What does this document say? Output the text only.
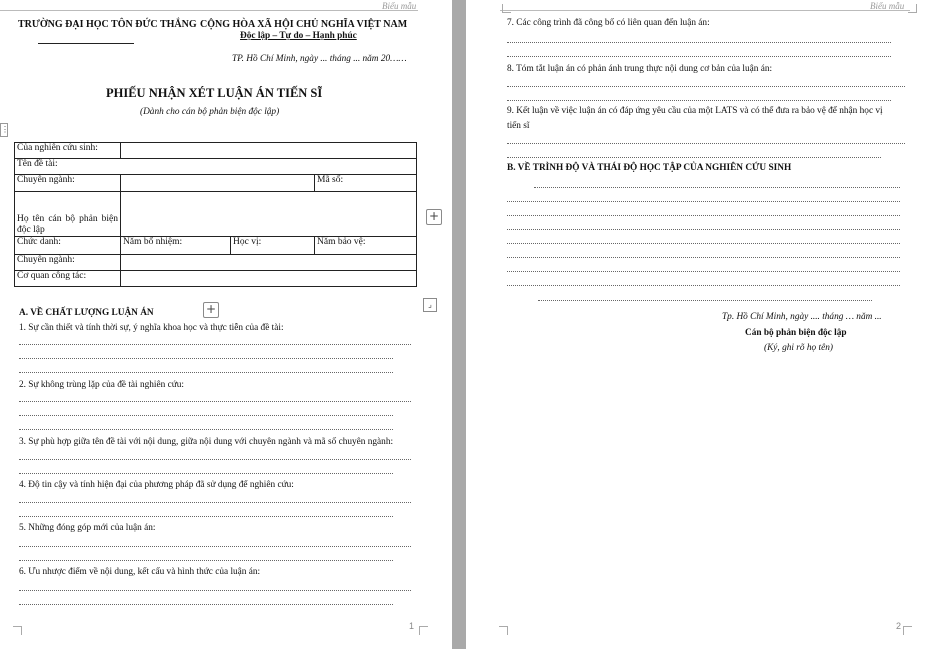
Biểu mẫu
TRƯỜNG ĐẠI HỌC TÔN ĐỨC THẮNG CỘNG HÒA XÃ HỘI CHỦ NGHĨA VIỆT NAM
Độc lập – Tự do – Hạnh phúc
TP. Hồ Chí Minh, ngày ... tháng ... năm 20……
PHIẾU NHẬN XÉT LUẬN ÁN TIẾN SĨ
(Dành cho cán bộ phản biện độc lập)
⋮
Của nghiên cứu sinh:			
Tên đề tài:			
Chuyên ngành:			Mã số:
Họ tên cán bộ phản biện độc lập			
Chức danh:	Năm bổ nhiệm:	Học vị:	Năm bảo vệ:
Chuyên ngành:			
Cơ quan công tác:			
+
+	⌟
A. VỀ CHẤT LƯỢNG LUẬN ÁN
1. Sự cần thiết và tính thời sự, ý nghĩa khoa học và thực tiễn của đề tài:
2. Sự không trùng lặp của đề tài nghiên cứu:
3. Sự phù hợp giữa tên đề tài với nội dung, giữa nội dung với chuyên ngành và mã số chuyên ngành:
4. Độ tin cậy và tính hiện đại của phương pháp đã sử dụng để nghiên cứu:
5. Những đóng góp mới của luận án:
6. Ưu nhược điểm về nội dung, kết cấu và hình thức của luận án:
1
Biểu mẫu
7. Các công trình đã công bố có liên quan đến luận án:
8. Tóm tắt luận án có phản ánh trung thực nội dung cơ bản của luận án:
9. Kết luận về việc luận án có đáp ứng yêu cầu của một LATS và có thể đưa ra bảo vệ để nhận học vị
tiến sĩ
B. VỀ TRÌNH ĐỘ VÀ THÁI ĐỘ HỌC TẬP CỦA NGHIÊN CỨU SINH
Tp. Hồ Chí Minh, ngày .... tháng … năm ...
Cán bộ phản biện độc lập
(Ký, ghi rõ họ tên)
2
